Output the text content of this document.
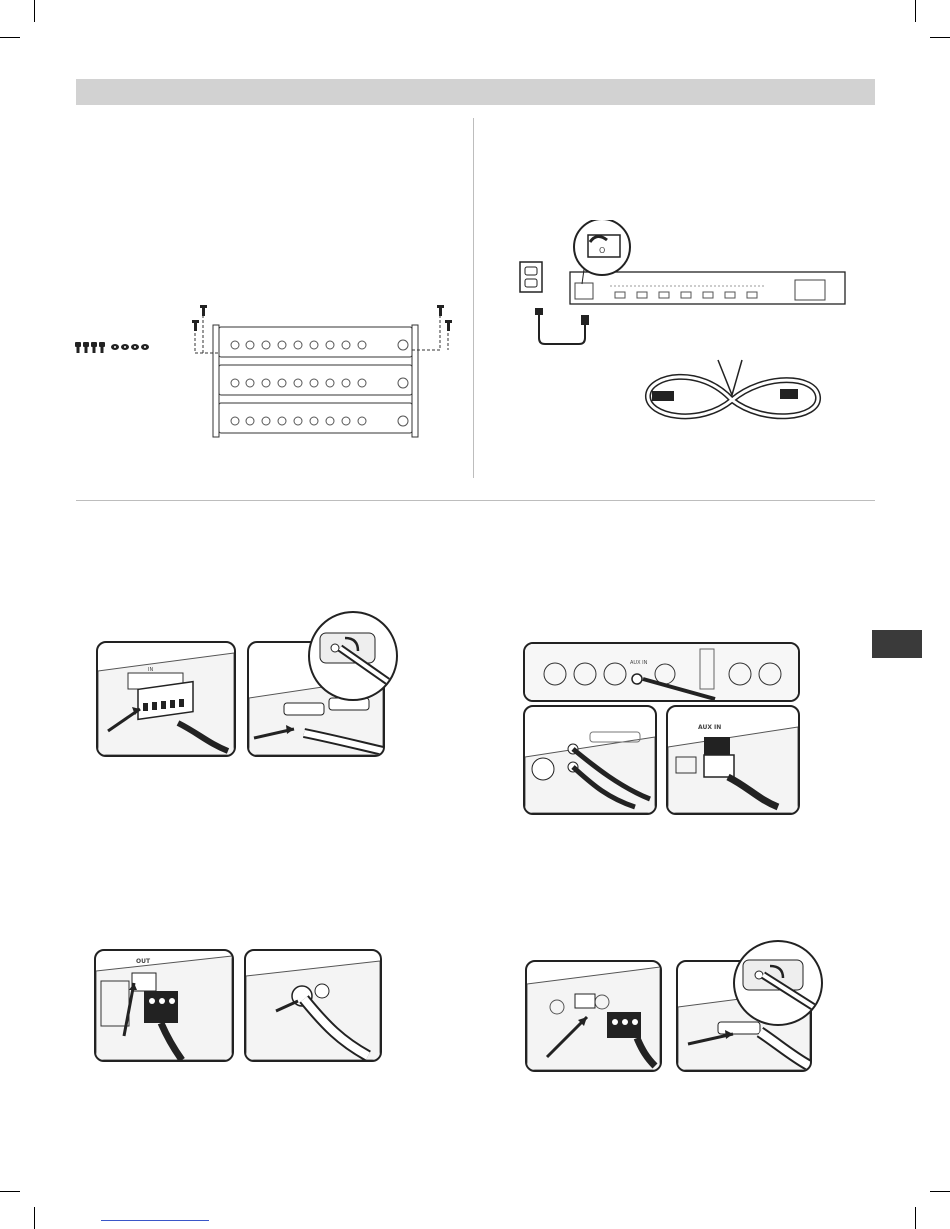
O
IN
AUX IN
AUX IN
OUT
